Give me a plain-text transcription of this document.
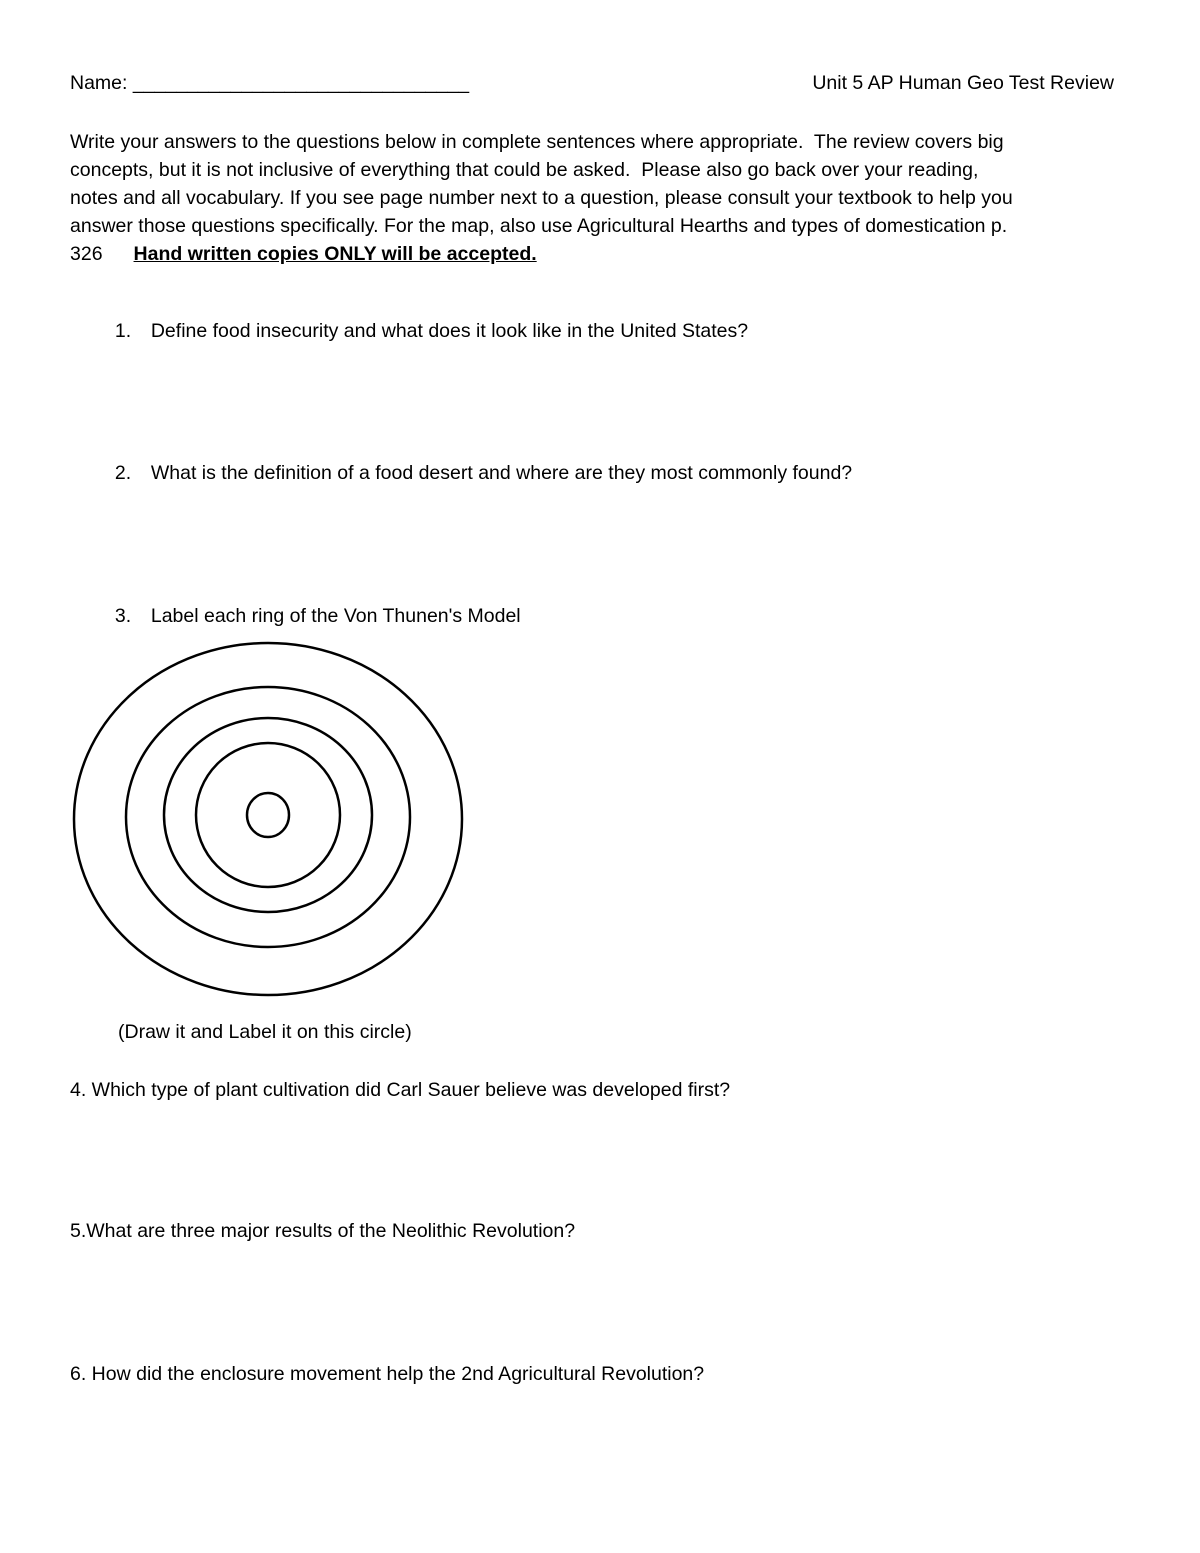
Name: _______________________________	Unit 5 AP Human Geo Test Review
Write your answers to the questions below in complete sentences where appropriate.  The review covers big
concepts, but it is not inclusive of everything that could be asked.  Please also go back over your reading,
notes and all vocabulary. If you see page number next to a question, please consult your textbook to help you
answer those questions specifically. For the map, also use Agricultural Hearths and types of domestication p.
326 Hand written copies ONLY will be accepted.

1. Define food insecurity and what does it look like in the United States?

2. What is the definition of a food desert and where are they most commonly found?

3. Label each ring of the Von Thunen's Model

(Draw it and Label it on this circle)
4. Which type of plant cultivation did Carl Sauer believe was developed first?
5.What are three major results of the Neolithic Revolution?
6. How did the enclosure movement help the 2nd Agricultural Revolution?
